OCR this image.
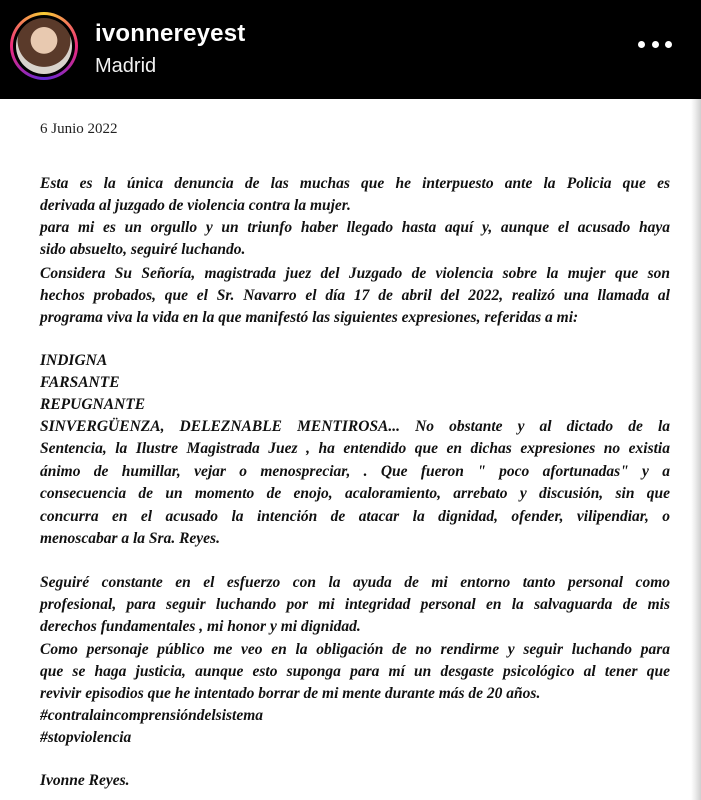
ivonnereyest
Madrid
6 Junio 2022
Esta es la única denuncia de las muchas que he interpuesto ante la Policia que es
derivada al juzgado de violencia contra la mujer.
para mi es un orgullo y un triunfo haber llegado hasta aquí y, aunque el acusado haya
sido absuelto, seguiré luchando.
Considera Su Señoría, magistrada juez del Juzgado de violencia sobre la mujer que son
hechos probados, que el Sr. Navarro el día 17 de abril del 2022, realizó una llamada al
programa viva la vida en la que manifestó las siguientes expresiones, referidas a mi:
INDIGNA
FARSANTE
REPUGNANTE
SINVERGÜENZA, DELEZNABLE MENTIROSA... No obstante y al dictado de la
Sentencia, la Ilustre Magistrada Juez , ha entendido que en dichas expresiones no existia
ánimo de humillar, vejar o menospreciar, . Que fueron " poco afortunadas" y a
consecuencia de un momento de enojo, acaloramiento, arrebato y discusión, sin que
concurra en el acusado la intención de atacar la dignidad, ofender, vilipendiar, o
menoscabar a la Sra. Reyes.
Seguiré constante en el esfuerzo con la ayuda de mi entorno tanto personal como
profesional, para seguir luchando por mi integridad personal en la salvaguarda de mis
derechos fundamentales , mi honor y mi dignidad.
Como personaje público me veo en la obligación de no rendirme y seguir luchando para
que se haga justicia, aunque esto suponga para mí un desgaste psicológico al tener que
revivir episodios que he intentado borrar de mi mente durante más de 20 años.
#contralaincomprensióndelsistema
#stopviolencia
Ivonne Reyes.
